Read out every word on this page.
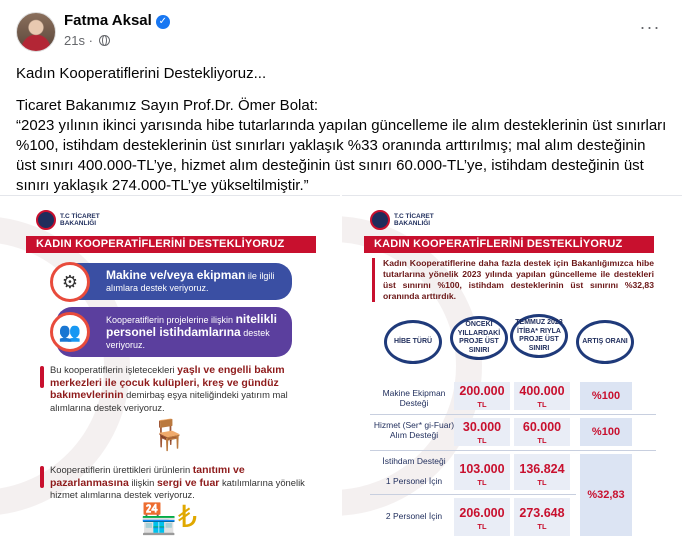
Fatma Aksal ✓
21s ·
···

Kadın Kooperatiflerini Destekliyoruz...

Ticaret Bakanımız Sayın Prof.Dr. Ömer Bolat:
“2023 yılının ikinci yarısında hibe tutarlarında yapılan güncelleme ile alım desteklerinin üst sınırları %100, istihdam desteklerinin üst sınırları yaklaşık %33 oranında arttırılmış; mal alım desteğinin üst sınırı 400.000-TL’ye, hizmet alım desteğinin üst sınırı 60.000-TL’ye, istihdam desteğinin üst sınırı yaklaşık 274.000-TL’ye yükseltilmiştir.”
T.C TİCARET
BAKANLIĞI
KADIN KOOPERATİFLERİNİ DESTEKLİYORUZ
⚙	Makine ve/veya ekipman ile ilgili alımlara destek veriyoruz.
👥
Kooperatiflerin projelerine ilişkin nitelikli personel istihdamlarına destek veriyoruz.
Bu kooperatiflerin işletecekleri yaşlı ve engelli bakım merkezleri ile çocuk kulüpleri, kreş ve gündüz bakımevlerinin demirbaş eşya niteliğindeki yatırım mal alımlarına destek veriyoruz.
🪑
Kooperatiflerin ürettikleri ürünlerin tanıtımı ve pazarlanmasına ilişkin sergi ve fuar katılımlarına yönelik hizmet alımlarına destek veriyoruz.
🏪 ₺
T.C TİCARET
BAKANLIĞI
KADIN KOOPERATİFLERİNİ DESTEKLİYORUZ
Kadın Kooperatiflerine daha fazla destek için Bakanlığımızca hibe tutarlarına yönelik 2023 yılında yapılan güncelleme ile destekleri üst sınırını %100, istihdam desteklerinin üst sınırını %32,83 oranında arttırdık.
HİBE TÜRÜ
ÖNCEKİ YILLARDAKİ PROJE ÜST SINIRI
TEMMUZ 2023 İTİBA* RIYLA PROJE ÜST SINIRI
ARTIŞ ORANI
Makine Ekipman Desteği
200.000
TL
400.000
TL
%100
Hizmet (Ser* gi-Fuar) Alım Desteği
30.000
TL
60.000
TL
%100
İstihdam Desteği
1 Personel İçin
103.000
TL
136.824
TL
%32,83
2 Personel İçin	206.000
TL
273.648
TL
